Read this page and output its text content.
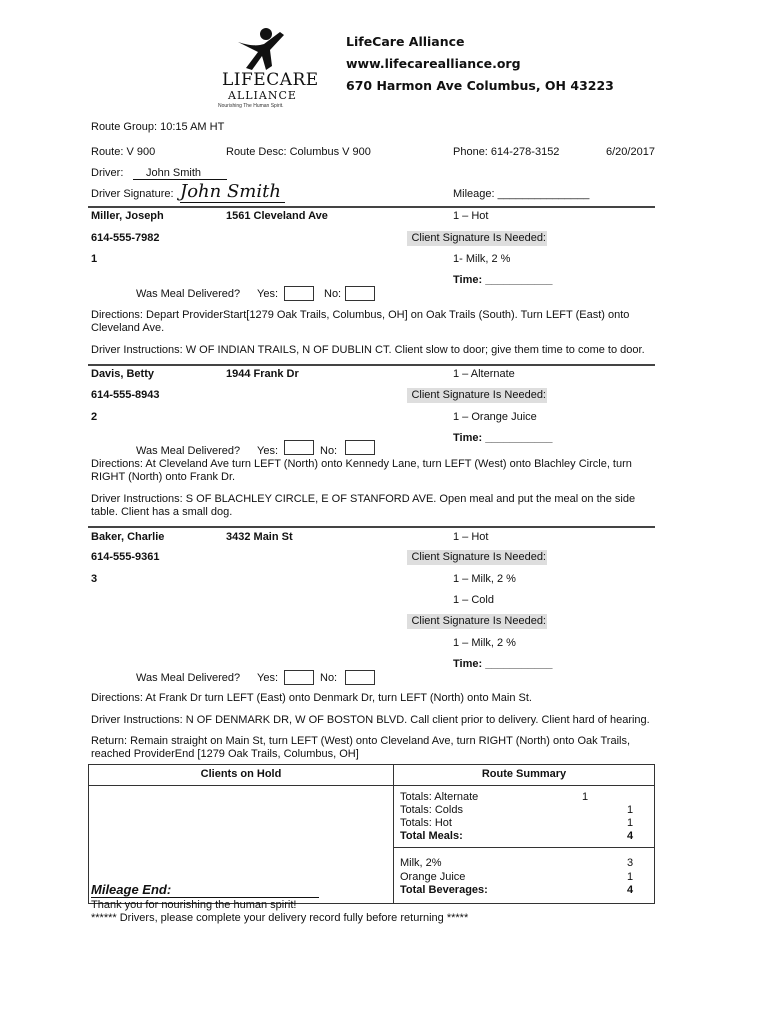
LIFECARE
ALLIANCE
Nourishing The Human Spirit.
LifeCare Alliance
www.lifecarealliance.org
670 Harmon Ave Columbus, OH 43223
Route Group: 10:15 AM HT
Route: V 900	Route Desc: Columbus V 900	Phone: 614-278-3152	6/20/2017
Driver:	John Smith
Driver Signature: John Smith	Mileage: _______________
Miller, Joseph	1561 Cleveland Ave	1 – Hot
614-555-7982	Client Signature Is Needed:
1	1- Milk, 2 %
Time: ___________
Was Meal Delivered? Yes:	No:
Directions: Depart ProviderStart[1279 Oak Trails, Columbus, OH] on Oak Trails (South). Turn LEFT (East) onto Cleveland Ave.
Driver Instructions: W OF INDIAN TRAILS, N OF DUBLIN CT. Client slow to door; give them time to come to door.
Davis, Betty	1944 Frank Dr	1 – Alternate
614-555-8943	Client Signature Is Needed:
2	1 – Orange Juice
Time: ___________
Was Meal Delivered? Yes:	No:
Directions: At Cleveland Ave turn LEFT (North) onto Kennedy Lane, turn LEFT (West) onto Blachley Circle, turn RIGHT (North) onto Frank Dr.
Driver Instructions: S OF BLACHLEY CIRCLE, E OF STANFORD AVE. Open meal and put the meal on the side table. Client has a small dog.
Baker, Charlie	3432 Main St	1 – Hot
614-555-9361	Client Signature Is Needed:
3	1 – Milk, 2 %
1 – Cold
Client Signature Is Needed:
1 – Milk, 2 %
Time: ___________
Was Meal Delivered? Yes:	No:
Directions: At Frank Dr turn LEFT (East) onto Denmark Dr, turn LEFT (North) onto Main St.
Driver Instructions: N OF DENMARK DR, W OF BOSTON BLVD. Call client prior to delivery. Client hard of hearing.
Return: Remain straight on Main St, turn LEFT (West) onto Cleveland Ave, turn RIGHT (North) onto Oak Trails, reached ProviderEnd [1279 Oak Trails, Columbus, OH]
Clients on Hold	Route Summary
Totals: Alternate	1
Totals: Colds	1
Totals: Hot	1
Total Meals:	4
Milk, 2%	3
Orange Juice	1
Total Beverages:	4
Mileage End:
Thank you for nourishing the human spirit!
****** Drivers, please complete your delivery record fully before returning *****
